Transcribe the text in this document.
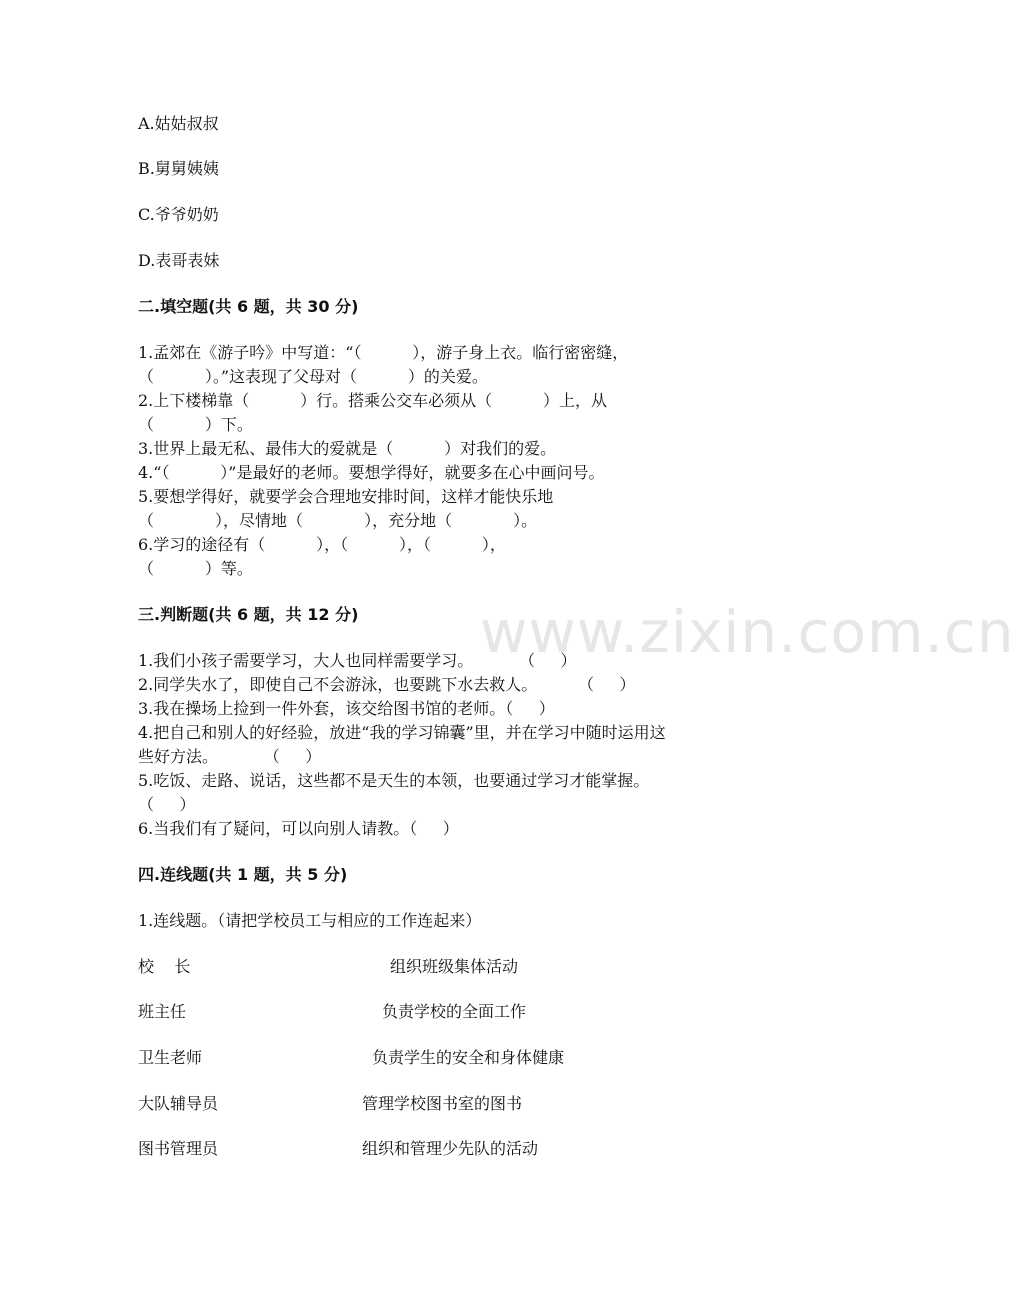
A.姑姑叔叔
B.舅舅姨姨
C.爷爷奶奶
D.表哥表妹
二.填空题(共 6 题，共 30 分)
1.孟郊在《游子吟》中写道：“（          ），游子身上衣。临行密密缝，
（          ）。”这表现了父母对（          ）的关爱。
2.上下楼梯靠（          ）行。搭乘公交车必须从（          ）上，从
（          ）下。
3.世界上最无私、最伟大的爱就是（          ）对我们的爱。
4.“（          ）”是最好的老师。要想学得好，就要多在心中画问号。
5.要想学得好，就要学会合理地安排时间，这样才能快乐地
（            ），尽情地（            ），充分地（            ）。
6.学习的途径有（          ），（          ），（          ），
（          ）等。
www.zixin.com.cn
三.判断题(共 6 题，共 12 分)
1.我们小孩子需要学习，大人也同样需要学习。         （     ）
2.同学失水了，即使自己不会游泳，也要跳下水去救人。        （     ）
3.我在操场上捡到一件外套，该交给图书馆的老师。（     ）
4.把自己和别人的好经验，放进“我的学习锦囊”里，并在学习中随时运用这
些好方法。         （     ）
5.吃饭、走路、说话，这些都不是天生的本领，也要通过学习才能掌握。
（     ）
6.当我们有了疑问，可以向别人请教。（     ）
四.连线题(共 1 题，共 5 分)
1.连线题。（请把学校员工与相应的工作连起来）
校    长	组织班级集体活动
班主任	负责学校的全面工作
卫生老师	负责学生的安全和身体健康
大队辅导员	管理学校图书室的图书
图书管理员	组织和管理少先队的活动
